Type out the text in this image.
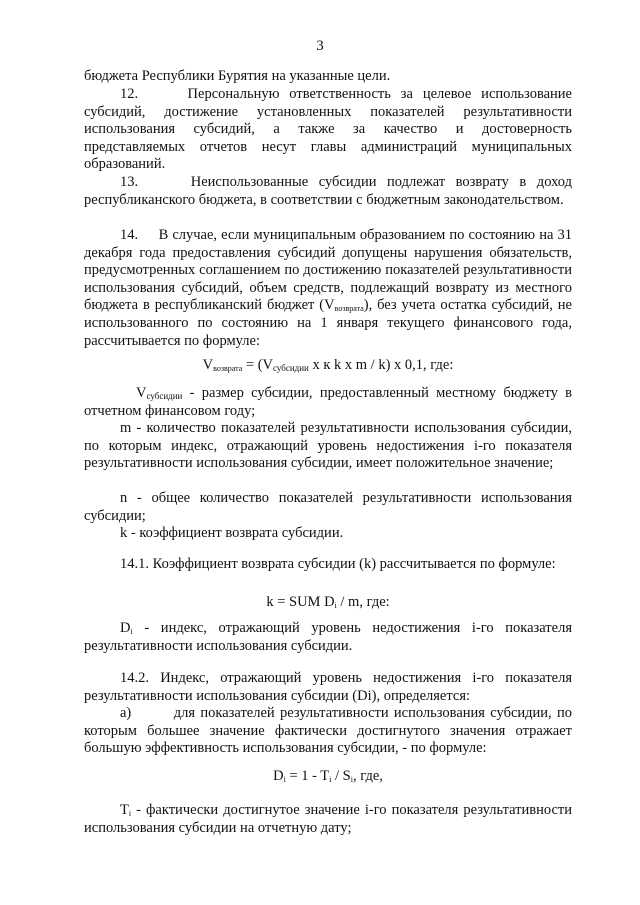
3
бюджета Республики Бурятия на указанные цели.
12.     Персональную ответственность за целевое использование субсидий, достижение установленных показателей результативности использования субсидий, а также за качество и достоверность представляемых отчетов несут главы администраций муниципальных образований.
13.     Неиспользованные субсидии подлежат возврату в доход республиканского бюджета, в соответствии с бюджетным законодательством.
14.     В случае, если муниципальным образованием по состоянию на 31 декабря года предоставления субсидий допущены нарушения обязательств, предусмотренных соглашением по достижению показателей результативности использования субсидий, объем средств, подлежащий возврату из местного бюджета в республиканский бюджет $(V_{возврата})$, без учета остатка субсидий, не использованного по состоянию на 1 января текущего финансового года, рассчитывается по формуле:
$V_{возврата}$ = (Vсубсидии x к k x m / k) x 0,1, где:
Vсубсидии - размер субсидии, предоставленный местному бюджету в отчетном финансовом году;
m - количество показателей результативности использования субсидии, по которым индекс, отражающий уровень недостижения i-го показателя результативности использования субсидии, имеет положительное значение;
n - общее количество показателей результативности использования субсидии;
k - коэффициент возврата субсидии.
14.1. Коэффициент возврата субсидии (k) рассчитывается по формуле:
k = SUM $D_i$ / m, где:
$D_i$ - индекс, отражающий уровень недостижения i-го показателя результативности использования субсидии.
14.2. Индекс, отражающий уровень недостижения i-го показателя результативности использования субсидии (Di), определяется:
а)        для показателей результативности использования субсидии, по которым большее значение фактически достигнутого значения отражает большую эффективность использования субсидии, - по формуле:
$D_i = 1 - T_i / S_i$, где,
$T_i$ - фактически достигнутое значение i-го показателя результативности использования субсидии на отчетную дату;
